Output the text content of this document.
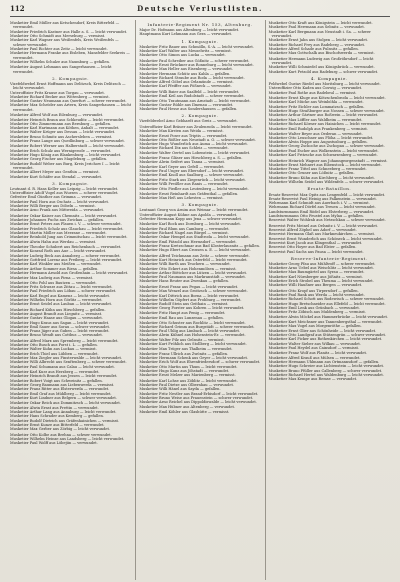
112	Deutsche Verlustlisten.

Musketier Emil Müller aus Ketschendorf, Kreis Bitterfeld — verwundet.

Musketier Friedrich Kastner aus Halle a. S. — leicht verwundet.

Musketier Otto Schmidt aus Merseburg — vermisst.

Musketier Karl Wagner aus Weißenfels, Kreis Weißenfels — schwer verwundet.

Musketier Paul Richter aus Zeitz — leicht verwundet.

Musketier Hermann Franke aus Eisleben, Mansfelder Seekreis — verwundet.

Musketier Wilhelm Schulze aus Naumburg — gefallen.

Musketier August Lehmann aus Sangerhausen — leicht verwundet.

2. Kompagnie.

Vizefeldwebel Ernst Hoffmann aus Delitzsch, Kreis Delitzsch — leicht verwundet.

Unteroffizier Fritz Krause aus Torgau — verwundet.

Musketier Richard Becker aus Wittenberg — vermisst.

Musketier Gustav Neumann aus Querfurt — schwer verwundet.

Musketier Max Schröder aus Artern, Kreis Sangerhausen — leicht verwundet.

Musketier Alfred Wolf aus Eilenburg — verwundet.

Musketier Heinrich Braun aus Schkeuditz — leicht verwundet.

Musketier Otto Zimmermann aus Bernburg — gefallen.

Musketier Karl Hartmann aus Köthen, Anhalt — verwundet.

Musketier Walter Krüger aus Dessau — leicht verwundet.

Musketier Bruno Schmitz aus Aschersleben — vermisst.

Musketier Franz Lange aus Quedlinburg — schwer verwundet.

Musketier Robert Werner aus Halberstadt — leicht verwundet.

Musketier Erich Schulz aus Wernigerode — verwundet.

Musketier Hugo König aus Blankenburg — leicht verwundet.

Musketier Georg Fischer aus Magdeburg — gefallen.

Musketier Rudolf Weber aus Burg, Kreis Jerichow I — leicht verwundet.

Musketier Albert Meyer aus Genthin — vermisst.

Musketier Kurt Schäfer aus Stendal — verwundet.

3. Kompagnie.

Leutnant d. R. Hans Keller aus Leipzig — leicht verwundet.

Unteroffizier Adolf Vogel aus Wurzen — schwer verwundet.

Gefreiter Emil Günther aus Grimma — verwundet.

Musketier Paul Horn aus Oschatz — leicht verwundet.

Musketier Willi Berger aus Döbeln — vermisst.

Musketier Arno Frank aus Mittweida — verwundet.

Musketier Oskar Kaiser aus Chemnitz — leicht verwundet.

Musketier Johannes Fuchs aus Zwickau — gefallen.

Musketier Ernst Peters aus Plauen i. V. — schwer verwundet.

Musketier Friedrich Scholz aus Glauchau — leicht verwundet.

Musketier Martin Möller aus Meerane — verwundet.

Musketier Reinhold Jung aus Crimmitschau — leicht verwundet.

Musketier Alwin Hahn aus Werdau — vermisst.

Musketier Theodor Schubert aus Reichenbach — verwundet.

Musketier Konrad Roth aus Aue — leicht verwundet.

Musketier Ludwig Beck aus Annaberg — schwer verwundet.

Musketier Gottfried Lorenz aus Freiberg — leicht verwundet.

Musketier Karl Winkler aus Meißen — verwundet.

Musketier Arthur Sommer aus Riesa — gefallen.

Musketier Hermann Arnold aus Großenhain — leicht verwundet.

Musketier Max Ludwig aus Pirna — vermisst.

Musketier Otto Pohl aus Bautzen — verwundet.

Musketier Fritz Schwarz aus Zittau — leicht verwundet.

Musketier Paul Friedrich aus Löbau — schwer verwundet.

Musketier Karl Engel aus Kamenz — leicht verwundet.

Musketier Wilhelm Horn aus Görlitz — verwundet.

Musketier Ernst Seidel aus Lauban — leicht verwundet.

Musketier Richard Kühn aus Hirschberg — gefallen.

Musketier August Brandt aus Liegnitz — vermisst.

Musketier Gustav Haase aus Glogau — verwundet.

Musketier Hugo Kraus aus Sagan — leicht verwundet.

Musketier Emil Sauer aus Sorau — schwer verwundet.

Musketier Franz Jäger aus Guben — leicht verwundet.

Musketier Bruno Wendt aus Cottbus — verwundet.

Musketier Alfred Marx aus Spremberg — leicht verwundet.

Musketier Otto Busch aus Forst i. L. — gefallen.

Musketier Walter Kuhn aus Luckau — vermisst.

Musketier Erich Thiel aus Lübben — verwundet.

Musketier Max Ziegler aus Finsterwalde — leicht verwundet.

Musketier Willi Albrecht aus Senftenberg — schwer verwundet.

Musketier Paul Schumann aus Calau — leicht verwundet.

Musketier Karl Kurz aus Herzberg — verwundet.

Musketier Heinrich Brandt aus Jessen — leicht verwundet.

Musketier Robert Voigt aus Schweinitz — gefallen.

Musketier Georg Baumann aus Liebenwerda — vermisst.

Musketier Franz Ritter aus Elsterwerda — verwundet.

Musketier Emil Graf aus Mühlberg — leicht verwundet.

Musketier Kurt Lindner aus Belgern — schwer verwundet.

Musketier Oskar Reich aus Dommitzsch — leicht verwundet.

Musketier Alwin Ernst aus Prettin — verwundet.

Musketier Arthur Lang aus Annaburg — leicht verwundet.

Musketier Hans Schrader aus Kemberg — gefallen.

Musketier Rudolf Dietrich aus Gräfenhainichen — vermisst.

Musketier Ernst Kunze aus Bitterfeld — verwundet.

Musketier Max Gerber aus Zörbig — leicht verwundet.

Musketier Otto Kolbe aus Brehna — schwer verwundet.

Musketier Wilhelm Heinze aus Landsberg — leicht verwundet.

Musketier Paul Wolff aus Löbejün — verwundet.

Infanterie-Regiment Nr. 153, Altenburg.

Major Dr. Hofmann aus Altenburg — leicht verwundet.

Hauptmann Kurt Lehmann aus Gera — verwundet.

1. Kompagnie.

Musketier Fritz Bauer aus Schmölln, S.-A. — leicht verwundet.

Musketier Karl Walter aus Meuselwitz — vermisst.

Musketier Otto Simon aus Lucka — verwundet.

Musketier Paul Schreiber aus Gößnitz — schwer verwundet.

Musketier Ernst Brückner aus Ronneburg — leicht verwundet.

Musketier Max Heller aus Eisenberg — verwundet.

Musketier Hermann Schütz aus Kahla — gefallen.

Musketier Richard Straube aus Roda — leicht verwundet.

Musketier Alfred Göbel aus Orlamünde — vermisst.

Musketier Karl Pfeiffer aus Pößneck — verwundet.

Musketier Willi Baier aus Saalfeld — leicht verwundet.

Musketier Emil Keil aus Rudolstadt — schwer verwundet.

Musketier Otto Trautmann aus Arnstadt — leicht verwundet.

Musketier Gustav Rühle aus Ilmenau — verwundet.

Musketier Paul Hesse aus Sondershausen — gefallen.

2. Kompagnie.

Vizefeldwebel Arno Gebhardt aus Greiz — verwundet.

Unteroffizier Karl Bräuer aus Zeulenroda — leicht verwundet.

Musketier Max Kirsten aus Weida — vermisst.

Musketier Ernst Poser aus Triptis — verwundet.

Musketier Otto Rößler aus Neustadt a. O. — schwer verwundet.

Musketier Hugo Wunderlich aus Auma — leicht verwundet.

Musketier Richard Dix aus Schleiz — verwundet.

Musketier Walter Oertel aus Lobenstein — leicht verwundet.

Musketier Franz Gläser aus Hirschberg a. S. — gefallen.

Musketier Alwin Seifert aus Tanna — vermisst.

Musketier Karl Geyer aus Gefell — verwundet.

Musketier Paul Unger aus Ebersdorf — leicht verwundet.

Musketier Emil Knoll aus Saalburg — schwer verwundet.

Musketier Fritz Stark aus Ziegenrück — leicht verwundet.

Musketier Willi Preißler aus Ranis — verwundet.

Musketier Otto Fiedler aus Leutenberg — leicht verwundet.

Musketier Ernst Reinhardt aus Gräfenthal — gefallen.

Musketier Max Heß aus Lehesten — vermisst.

3. Kompagnie.

Leutnant Georg von Arnim aus Weimar — leicht verwundet.

Unteroffizier August Kühne aus Apolda — verwundet.

Gefreiter Hermann Kopp aus Jena — schwer verwundet.

Musketier Karl Bock aus Dornburg — leicht verwundet.

Musketier Paul Blum aus Camburg — verwundet.

Musketier Richard Nagel aus Bürgel — vermisst.

Musketier Oskar Hempel aus Stadtroda — leicht verwundet.

Musketier Emil Pätzold aus Hermsdorf — verwundet.

Musketier Franz Kretzschmar aus Bad Klosterlausnitz — gefallen.

Musketier Hugo Ebert aus Crossen a. E. — leicht verwundet.

Musketier Alfred Teichmann aus Zeitz — schwer verwundet.

Musketier Kurt Heinrich aus Osterfeld — leicht verwundet.

Musketier Willi Barth aus Teuchern — verwundet.

Musketier Otto Eckert aus Hohenmölsen — vermisst.

Musketier Arthur Böttcher aus Lützen — leicht verwundet.

Musketier Paul Naumann aus Markranstädt — verwundet.

Musketier Hans Reuter aus Zwenkau — gefallen.

Musketier Ernst Franz aus Pegau — leicht verwundet.

Musketier Max Wenzel aus Groitzsch — schwer verwundet.

Musketier Karl Dittrich aus Borna — leicht verwundet.

Musketier Wilhelm Göpfert aus Frohburg — verwundet.

Musketier Rudolf Stein aus Geithain — vermisst.

Musketier Georg Forster aus Kohren — leicht verwundet.

Musketier Fritz Haupt aus Penig — verwundet.

Musketier Emil Rau aus Lunzenau — gefallen.

Musketier Otto Schuster aus Rochlitz — leicht verwundet.

Musketier Richard Grimm aus Burgstädt — schwer verwundet.

Musketier Paul Uhlig aus Limbach — leicht verwundet.

Musketier Alwin Kühnel aus Hohenstein-Er. — verwundet.

Musketier Walter Pilz aus Oelsnitz — vermisst.

Musketier Kurt Fröhlich aus Stollberg — leicht verwundet.

Musketier Max Tröger aus Thalheim — verwundet.

Musketier Franz Ullrich aus Zwönitz — gefallen.

Musketier Hermann Schenk aus Geyer — leicht verwundet.

Musketier Erich Wolf aus Ehrenfriedersdorf — schwer verwundet.

Musketier Otto Martin aus Thum — leicht verwundet.

Musketier Hugo Kunz aus Jöhstadt — verwundet.

Musketier Ernst Melzer aus Marienberg — vermisst.

Musketier Karl Lohse aus Zöblitz — leicht verwundet.

Musketier Paul Dietze aus Olbernhau — verwundet.

Musketier Willi Hänel aus Sayda — gefallen.

Musketier Fritz Nestler aus Brand-Erbisdorf — leicht verwundet.

Musketier Bruno Weise aus Frauenstein — schwer verwundet.

Musketier Arno Reichel aus Dippoldiswalde — leicht verwundet.

Musketier Max Hübner aus Altenberg — verwundet.

Musketier Emil Köhler aus Glashütte — vermisst.

Musketier Otto Kraft aus Königstein — leicht verwundet.

Musketier Paul Herrmann aus Sebnitz — verwundet.

Musketier Karl Bergmann aus Neustadt i. Sa. — schwer verwundet.

Musketier Ernst Jahn aus Stolpen — leicht verwundet.

Musketier Richard Frey aus Radeberg — verwundet.

Musketier Alfred Schade aus Pulsnitz — gefallen.

Musketier Max Gottschalk aus Bischofswerda — vermisst.

Musketier Hermann Ludewig aus Großröhrsdorf — leicht verwundet.

Musketier Willi Schmiedel aus Königsbrück — verwundet.

Musketier Kurt Petzold aus Radeburg — schwer verwundet.

4. Kompagnie.

Feldwebel Gustav Riedel aus Moritzburg — leicht verwundet.

Unteroffizier Otto Kaden aus Coswig — verwundet.

Musketier Paul Rothe aus Radebeul — vermisst.

Musketier Ernst Kluge aus Kötzschenbroda — leicht verwundet.

Musketier Karl Mücke aus Weinböhla — verwundet.

Musketier Fritz Eichler aus Lommatzsch — gefallen.

Musketier Hugo Straßburger aus Nossen — schwer verwundet.

Musketier Arthur Gärtner aus Roßwein — leicht verwundet.

Musketier Max Löffler aus Waldheim — verwundet.

Musketier Richard Körner aus Hainichen — leicht verwundet.

Musketier Emil Rudolph aus Frankenberg — vermisst.

Musketier Walter Beyer aus Oederan — verwundet.

Musketier Otto Leuschner aus Flöha — leicht verwundet.

Musketier Alwin Hoppe aus Augustusburg — gefallen.

Musketier Georg Zschoche aus Zschopau — schwer verwundet.

Musketier Paul Escher aus Wolkenstein — leicht verwundet.

Musketier Karl Fritzsche aus Schwarzenberg — verwundet.

Musketier Heinrich Wagner aus Johanngeorgenstadt — vermisst.

Musketier Ernst Mehnert aus Eibenstock — leicht verwundet.

Musketier Franz Tittel aus Schneeberg — verwundet.

Musketier Otto Gruner aus Lößnitz — gefallen.

Musketier Bruno Kühn aus Kirchberg — leicht verwundet.

Musketier Wilhelm Seidel aus Wildenfels — schwer verwundet.

Ersatz-Bataillon.

Ersatz-Reservist Max Opitz aus Lengenfeld — leicht verwundet.

Ersatz-Reservist Paul Heinig aus Falkenstein — verwundet.

Wehrmann Karl Schmidt aus Auerbach i. V. — vermisst.

Wehrmann Richard Dörfel aus Treuen — leicht verwundet.

Landsturmmann Emil Rödel aus Elsterberg — verwundet.

Landsturmmann Otto Feustel aus Mylau — gefallen.

Reservist Walter Wohlrab aus Netzschkau — schwer verwundet.

Reservist Fritz Meinel aus Oelsnitz i. V. — leicht verwundet.

Reservist Alfred Zöphel aus Adorf — verwundet.

Reservist Hermann Glaß aus Markneukirchen — vermisst.

Reservist Ernst Wunderlich aus Schöneck — leicht verwundet.

Reservist Kurt Jacob aus Klingenthal — verwundet.

Reservist Otto Hoyer aus Bad Elster — gefallen.

Reservist Paul Sachs aus Pausa — leicht verwundet.

Reserve-Infanterie-Regiment.

Musketier Georg Pfau aus Mühltroff — schwer verwundet.

Musketier Arno Uebel aus Weischlitz — leicht verwundet.

Musketier Max Baumgärtel aus Syrau — verwundet.

Musketier Karl Nürnberger aus Jößnitz — vermisst.

Musketier Erich Strobel aus Theuma — leicht verwundet.

Musketier Willi Haußner aus Bergen — verwundet.

Musketier Otto Kropf aus Tirpersdorf — gefallen.

Musketier Paul Rank aus Werda — leicht verwundet.

Musketier Richard Schott aus Rodewisch — schwer verwundet.

Musketier Hugo Bretschneider aus Ellefeld — leicht verwundet.

Musketier Emil Lenk aus Grünbach — verwundet.

Musketier Fritz Zöbisch aus Muldenberg — vermisst.

Musketier Alwin Möckel aus Hammerbrücke — leicht verwundet.

Musketier Kurt Meichsner aus Tannenbergsthal — verwundet.

Musketier Max Vogel aus Morgenröthe — gefallen.

Musketier Ernst Glier aus Schönheide — leicht verwundet.

Musketier Otto Landgraf aus Stützengrün — schwer verwundet.

Musketier Karl Ficker aus Rothenkirchen — leicht verwundet.

Musketier Walter Sieber aus Wilkau — verwundet.

Musketier Paul Heydel aus Cainsdorf — vermisst.

Musketier Franz Wolf aus Planitz — leicht verwundet.

Musketier Alfred Krauß aus Mülsen — verwundet.

Musketier Hermann Uhlmann aus Ortmannsdorf — gefallen.

Musketier Hugo Schreier aus Lichtenstein — leicht verwundet.

Musketier Bruno Pfüller aus Callenberg — schwer verwundet.

Musketier Richard Hertel aus Waldenburg — leicht verwundet.

Musketier Max Kempe aus Remse — verwundet.
